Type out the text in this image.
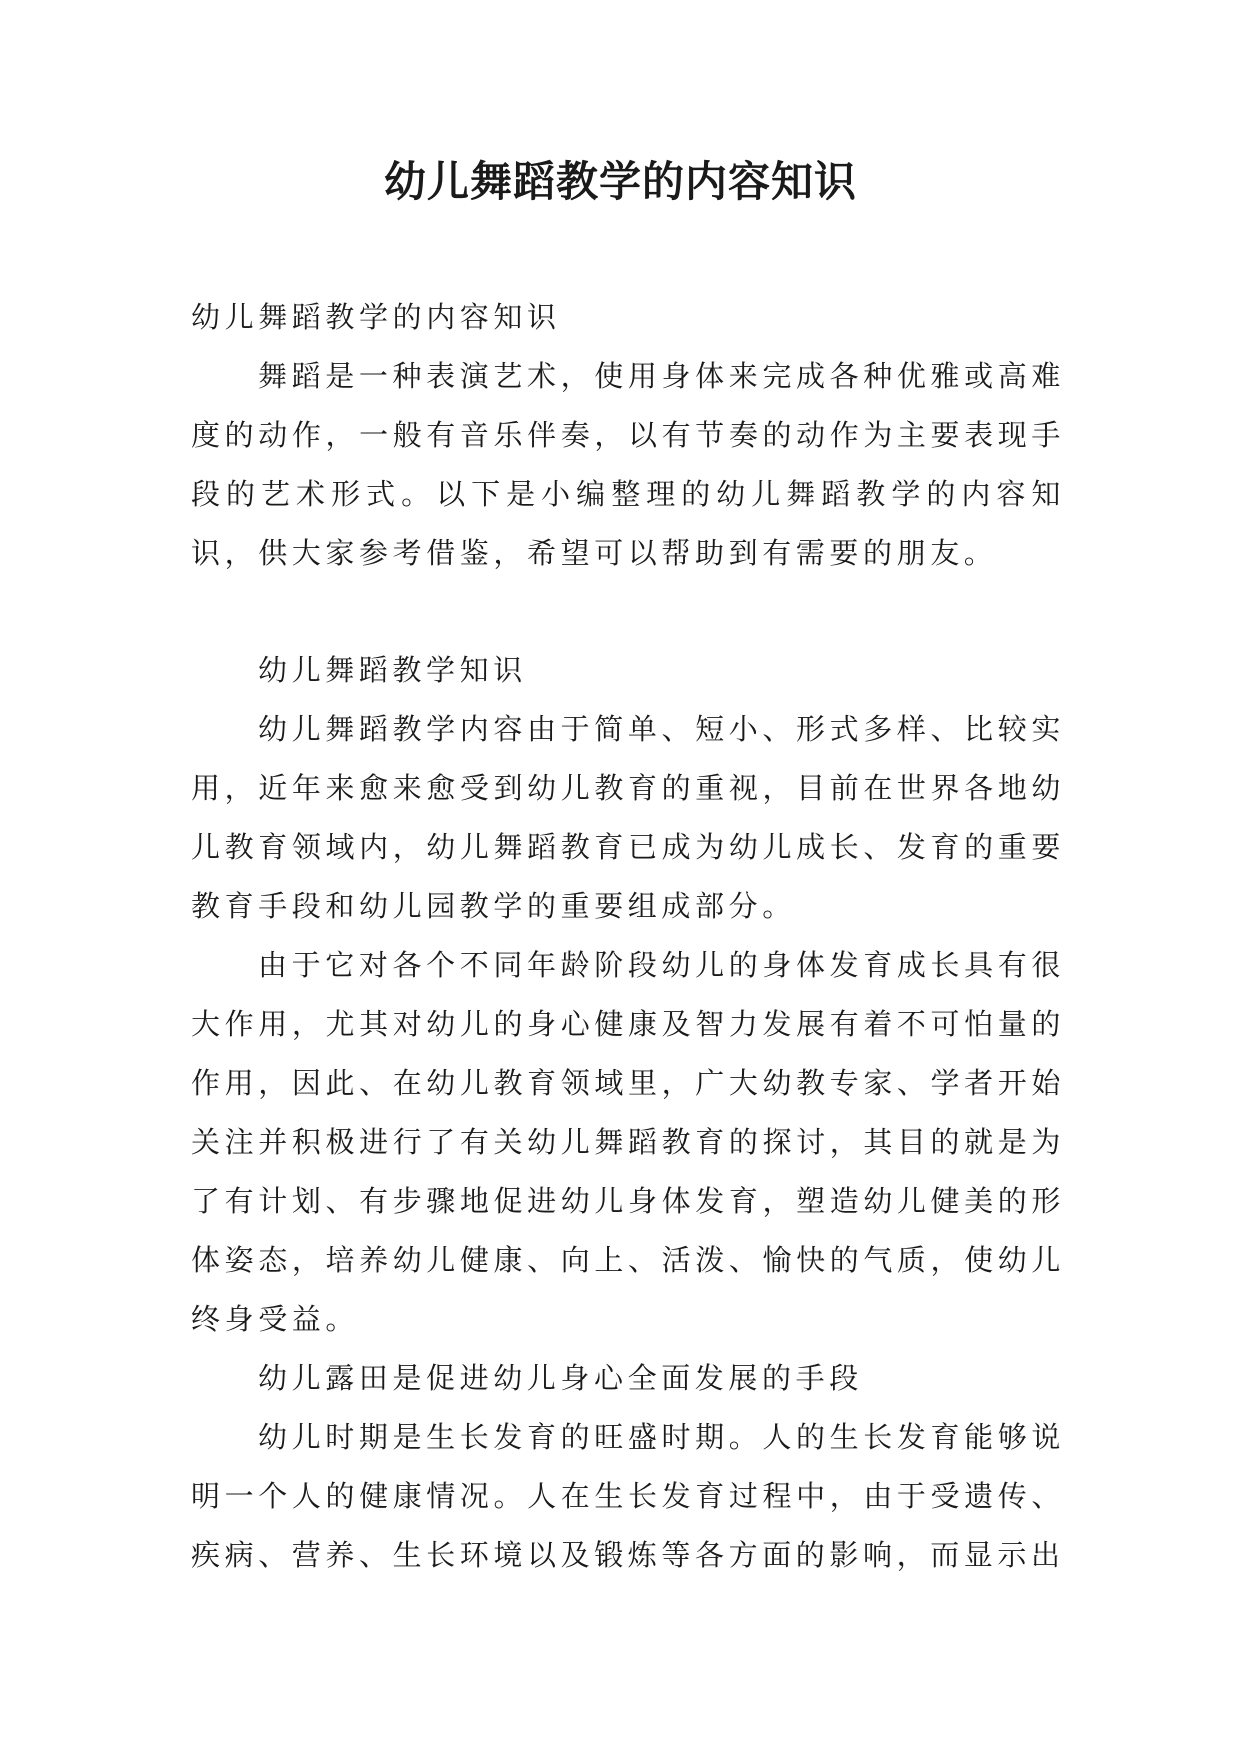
幼儿舞蹈教学的内容知识

幼儿舞蹈教学的内容知识

舞蹈是一种表演艺术，使用身体来完成各种优雅或高难度的动作，一般有音乐伴奏，以有节奏的动作为主要表现手段的艺术形式。以下是小编整理的幼儿舞蹈教学的内容知识，供大家参考借鉴，希望可以帮助到有需要的朋友。

幼儿舞蹈教学知识

幼儿舞蹈教学内容由于简单、短小、形式多样、比较实用，近年来愈来愈受到幼儿教育的重视，目前在世界各地幼儿教育领域内，幼儿舞蹈教育已成为幼儿成长、发育的重要教育手段和幼儿园教学的重要组成部分。

由于它对各个不同年龄阶段幼儿的身体发育成长具有很大作用，尤其对幼儿的身心健康及智力发展有着不可怕量的作用，因此、在幼儿教育领域里，广大幼教专家、学者开始关注并积极进行了有关幼儿舞蹈教育的探讨，其目的就是为了有计划、有步骤地促进幼儿身体发育，塑造幼儿健美的形体姿态，培养幼儿健康、向上、活泼、愉快的气质，使幼儿终身受益。

幼儿露田是促进幼儿身心全面发展的手段

幼儿时期是生长发育的旺盛时期。人的生长发育能够说明一个人的健康情况。人在生长发育过程中，由于受遗传、疾病、营养、生长环境以及锻炼等各方面的影响，而显示出
